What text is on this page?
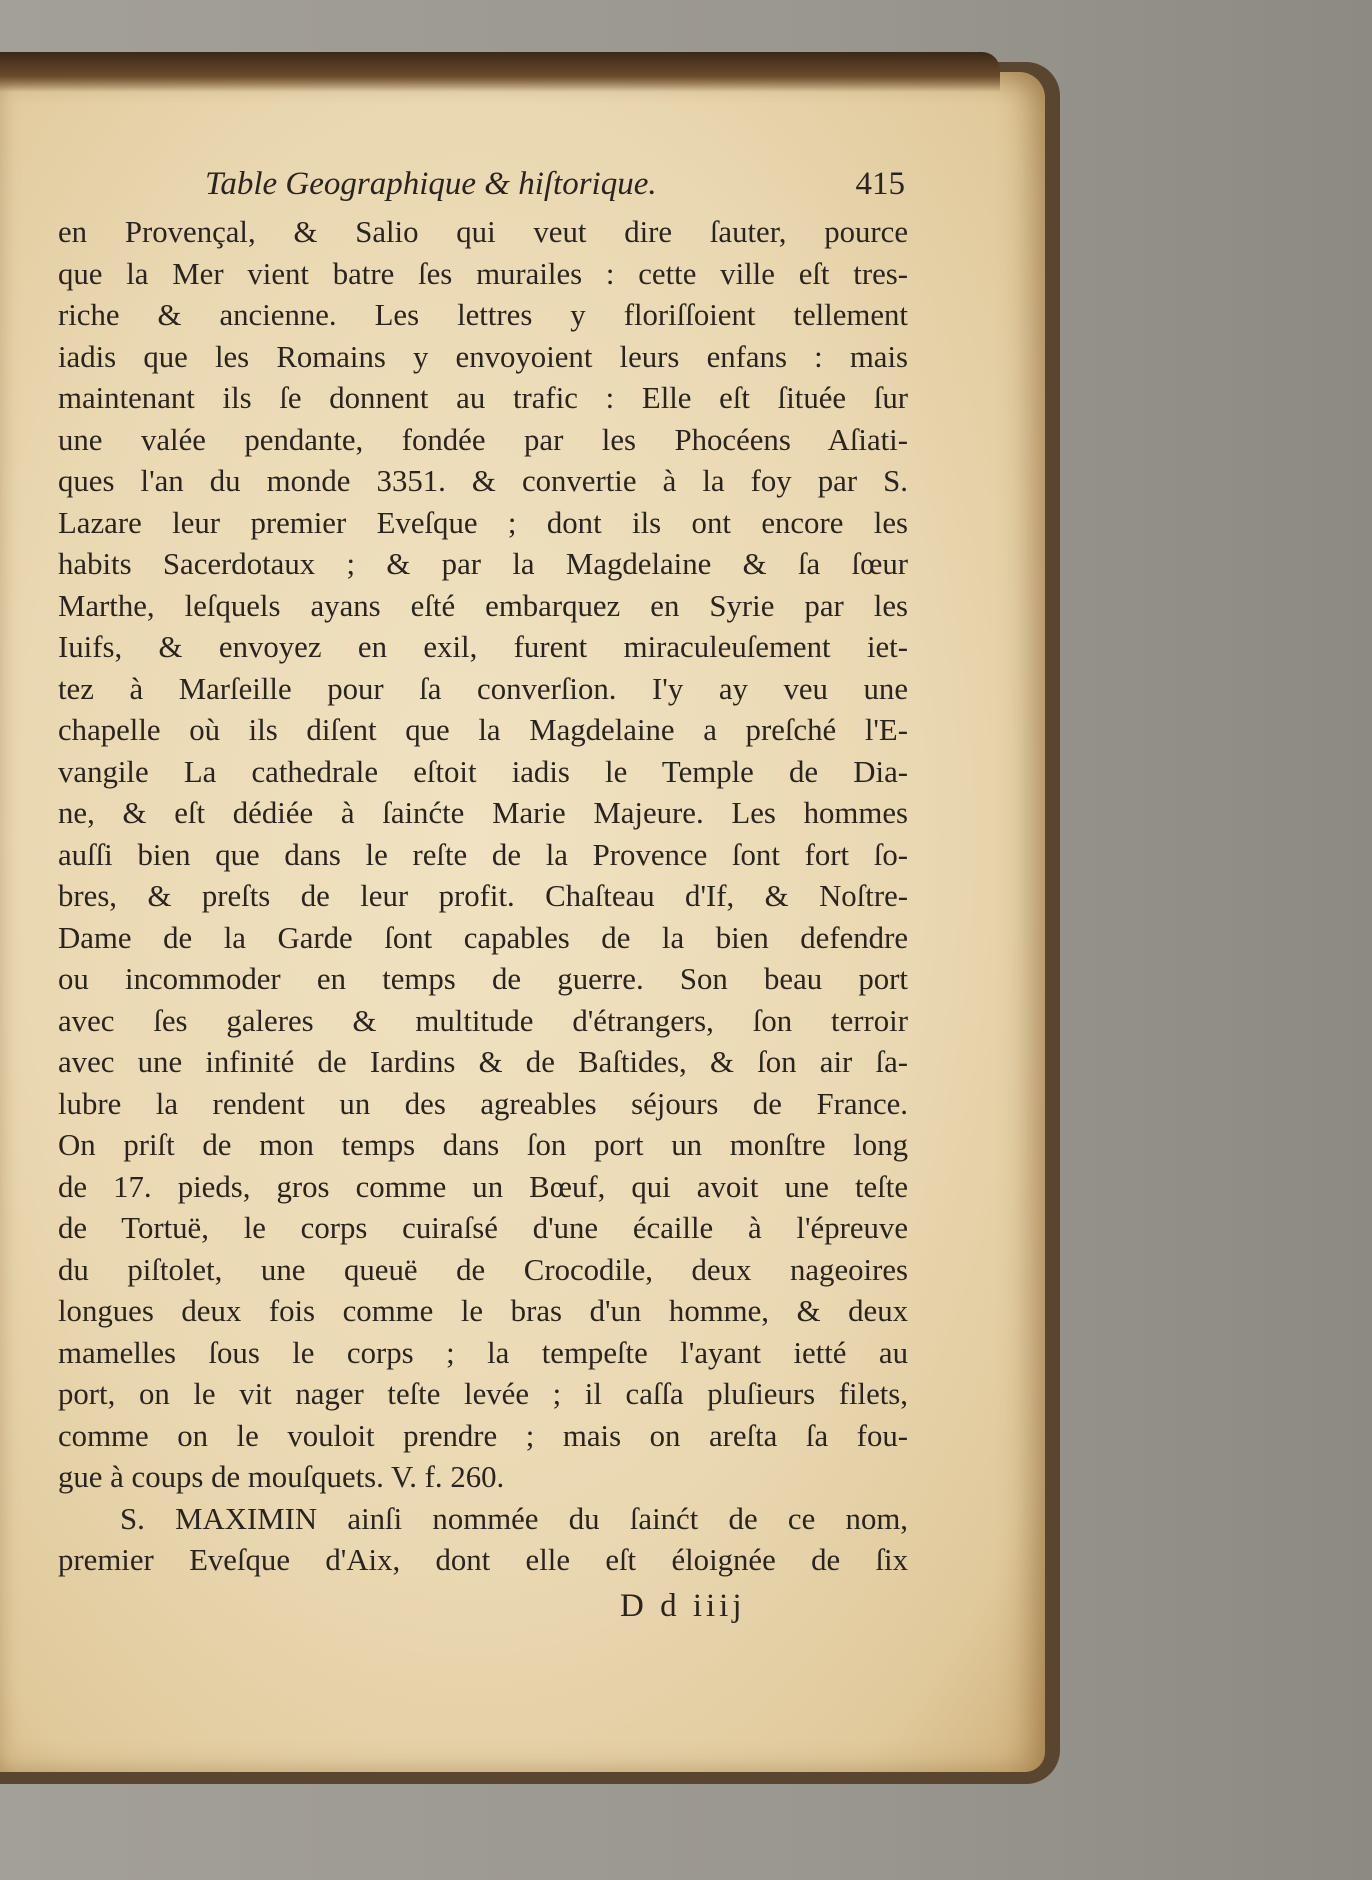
Table Geographique & hiſtorique.	415
en Provençal, & Salio qui veut dire ſauter, pource
que la Mer vient batre ſes murailes : cette ville eſt tres-
riche & ancienne. Les lettres y floriſſoient tellement
iadis que les Romains y envoyoient leurs enfans : mais
maintenant ils ſe donnent au trafic : Elle eſt ſituée ſur
une valée pendante, fondée par les Phocéens Aſiati-
ques l'an du monde 3351. & convertie à la foy par S.
Lazare leur premier Eveſque ; dont ils ont encore les
habits Sacerdotaux ; & par la Magdelaine & ſa ſœur
Marthe, leſquels ayans eſté embarquez en Syrie par les
Iuifs, & envoyez en exil, furent miraculeuſement iet-
tez à Marſeille pour ſa converſion. I'y ay veu une
chapelle où ils diſent que la Magdelaine a preſché l'E-
vangile La cathedrale eſtoit iadis le Temple de Dia-
ne, & eſt dédiée à ſainćte Marie Majeure. Les hommes
auſſi bien que dans le reſte de la Provence ſont fort ſo-
bres, & preſts de leur profit. Chaſteau d'If, & Noſtre-
Dame de la Garde ſont capables de la bien defendre
ou incommoder en temps de guerre. Son beau port
avec ſes galeres & multitude d'étrangers, ſon terroir
avec une infinité de Iardins & de Baſtides, & ſon air ſa-
lubre la rendent un des agreables séjours de France.
On priſt de mon temps dans ſon port un monſtre long
de 17. pieds, gros comme un Bœuf, qui avoit une teſte
de Tortuë, le corps cuiraſsé d'une écaille à l'épreuve
du piſtolet, une queuë de Crocodile, deux nageoires
longues deux fois comme le bras d'un homme, & deux
mamelles ſous le corps ; la tempeſte l'ayant ietté au
port, on le vit nager teſte levée ; il caſſa pluſieurs filets,
comme on le vouloit prendre ; mais on areſta ſa fou-
gue à coups de mouſquets. V. f. 260.
S. MAXIMIN ainſi nommée du ſainćt de ce nom,
premier Eveſque d'Aix, dont elle eſt éloignée de ſix
D d iiij
